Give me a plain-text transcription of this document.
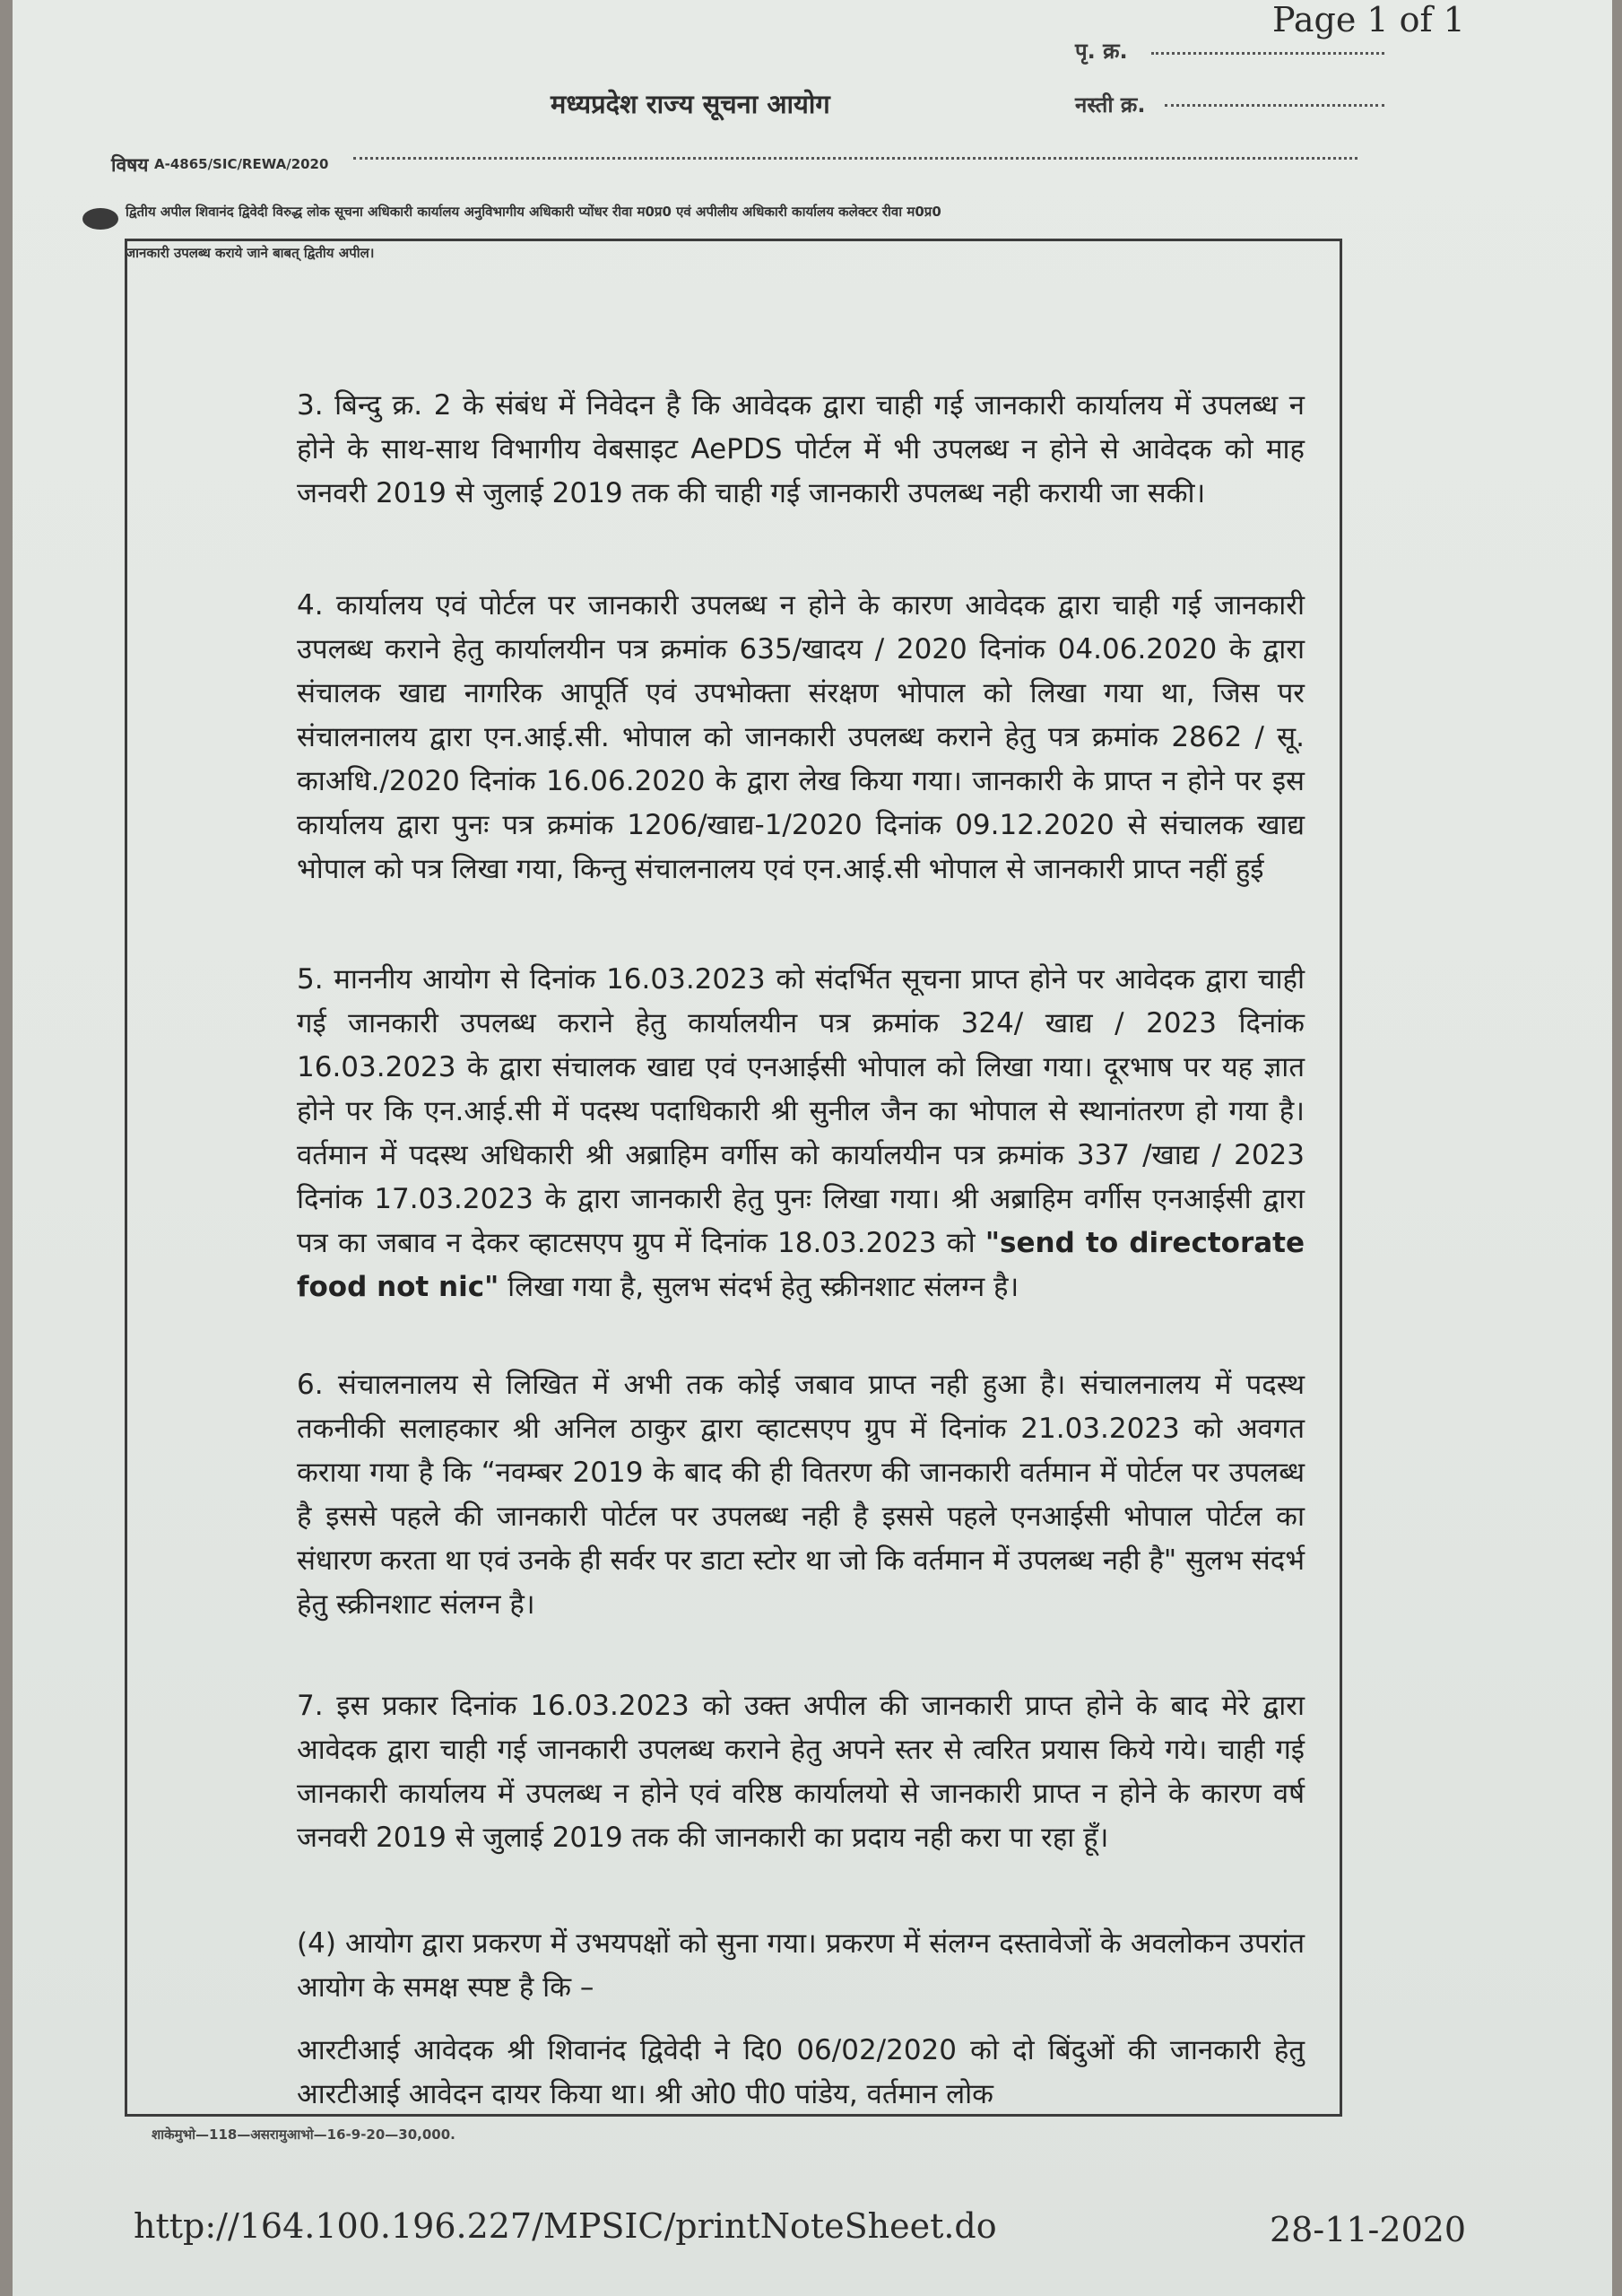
Page 1 of 1
पृ. क्र.
मध्यप्रदेश राज्य सूचना आयोग	नस्ती क्र.
विषय A-4865/SIC/REWA/2020
द्वितीय अपील शिवानंद द्विवेदी विरुद्ध लोक सूचना अधिकारी कार्यालय अनुविभागीय अधिकारी प्योंधर रीवा म0प्र0 एवं अपीलीय अधिकारी कार्यालय कलेक्टर रीवा म0प्र0
जानकारी उपलब्ध कराये जाने बाबत् द्वितीय अपील।
3. बिन्दु क्र. 2 के संबंध में निवेदन है कि आवेदक द्वारा चाही गई जानकारी कार्यालय में उपलब्ध न होने के साथ-साथ विभागीय वेबसाइट AePDS पोर्टल में भी उपलब्ध न होने से आवेदक को माह जनवरी 2019 से जुलाई 2019 तक की चाही गई जानकारी उपलब्ध नही करायी जा सकी।
4. कार्यालय एवं पोर्टल पर जानकारी उपलब्ध न होने के कारण आवेदक द्वारा चाही गई जानकारी उपलब्ध कराने हेतु कार्यालयीन पत्र क्रमांक 635/खादय / 2020 दिनांक 04.06.2020 के द्वारा संचालक खाद्य नागरिक आपूर्ति एवं उपभोक्ता संरक्षण भोपाल को लिखा गया था, जिस पर संचालनालय द्वारा एन.आई.सी. भोपाल को जानकारी उपलब्ध कराने हेतु पत्र क्रमांक 2862 / सू. काअधि./2020 दिनांक 16.06.2020 के द्वारा लेख किया गया। जानकारी के प्राप्त न होने पर इस कार्यालय द्वारा पुनः पत्र क्रमांक 1206/खाद्य-1/2020 दिनांक 09.12.2020 से संचालक खाद्य भोपाल को पत्र लिखा गया, किन्तु संचालनालय एवं एन.आई.सी भोपाल से जानकारी प्राप्त नहीं हुई
5. माननीय आयोग से दिनांक 16.03.2023 को संदर्भित सूचना प्राप्त होने पर आवेदक द्वारा चाही गई जानकारी उपलब्ध कराने हेतु कार्यालयीन पत्र क्रमांक 324/ खाद्य / 2023 दिनांक 16.03.2023 के द्वारा संचालक खाद्य एवं एनआईसी भोपाल को लिखा गया। दूरभाष पर यह ज्ञात होने पर कि एन.आई.सी में पदस्थ पदाधिकारी श्री सुनील जैन का भोपाल से स्थानांतरण हो गया है। वर्तमान में पदस्थ अधिकारी श्री अब्राहिम वर्गीस को कार्यालयीन पत्र क्रमांक 337 /खाद्य / 2023 दिनांक 17.03.2023 के द्वारा जानकारी हेतु पुनः लिखा गया। श्री अब्राहिम वर्गीस एनआईसी द्वारा पत्र का जबाव न देकर व्हाटसएप ग्रुप में दिनांक 18.03.2023 को "send to directorate food not nic" लिखा गया है, सुलभ संदर्भ हेतु स्क्रीनशाट संलग्न है।
6. संचालनालय से लिखित में अभी तक कोई जबाव प्राप्त नही हुआ है। संचालनालय में पदस्थ तकनीकी सलाहकार श्री अनिल ठाकुर द्वारा व्हाटसएप ग्रुप में दिनांक 21.03.2023 को अवगत कराया गया है कि “नवम्बर 2019 के बाद की ही वितरण की जानकारी वर्तमान में पोर्टल पर उपलब्ध है इससे पहले की जानकारी पोर्टल पर उपलब्ध नही है इससे पहले एनआईसी भोपाल पोर्टल का संधारण करता था एवं उनके ही सर्वर पर डाटा स्टोर था जो कि वर्तमान में उपलब्ध नही है" सुलभ संदर्भ हेतु स्क्रीनशाट संलग्न है।
7. इस प्रकार दिनांक 16.03.2023 को उक्त अपील की जानकारी प्राप्त होने के बाद मेरे द्वारा आवेदक द्वारा चाही गई जानकारी उपलब्ध कराने हेतु अपने स्तर से त्वरित प्रयास किये गये। चाही गई जानकारी कार्यालय में उपलब्ध न होने एवं वरिष्ठ कार्यालयो से जानकारी प्राप्त न होने के कारण वर्ष जनवरी 2019 से जुलाई 2019 तक की जानकारी का प्रदाय नही करा पा रहा हूँ।
(4) आयोग द्वारा प्रकरण में उभयपक्षों को सुना गया। प्रकरण में संलग्न दस्तावेजों के अवलोकन उपरांत आयोग के समक्ष स्पष्ट है कि –
आरटीआई आवेदक श्री शिवानंद द्विवेदी ने दि0 06/02/2020 को दो बिंदुओं की जानकारी हेतु आरटीआई आवेदन दायर किया था। श्री ओ0 पी0 पांडेय, वर्तमान लोक
शाकेमुभो—118—असरामुआभो—16-9-20—30,000.
http://164.100.196.227/MPSIC/printNoteSheet.do	28-11-2020
